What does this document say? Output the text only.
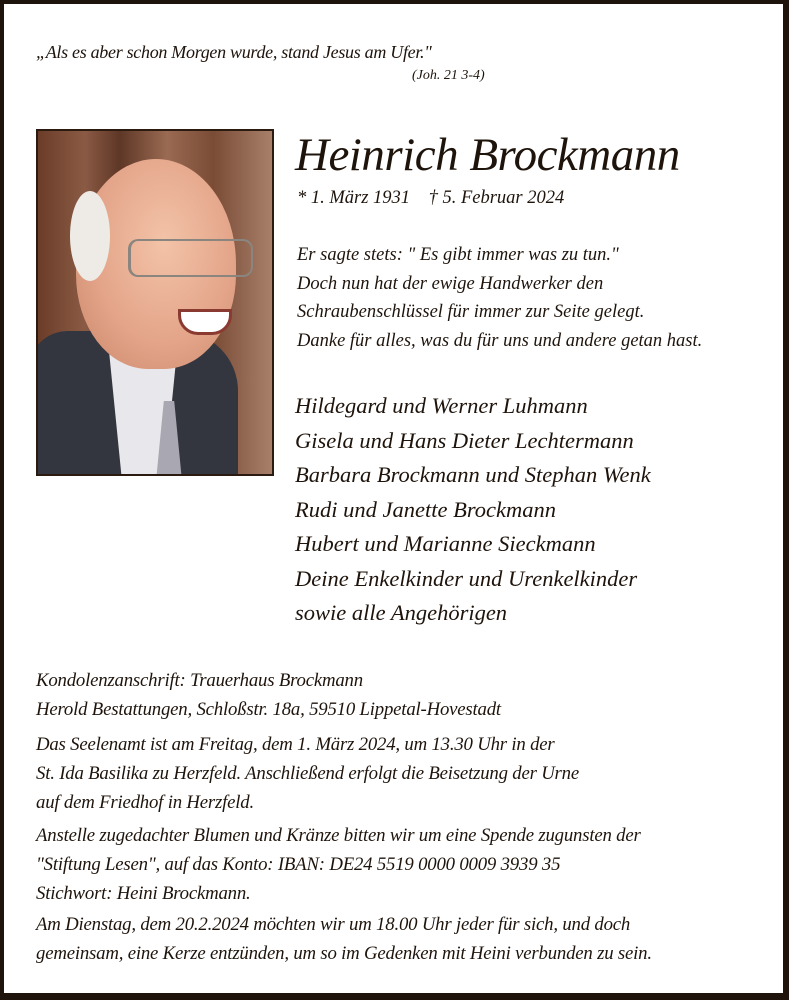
„Als es aber schon Morgen wurde, stand Jesus am Ufer."
(Joh. 21 3-4)
Heinrich Brockmann
* 1. März 1931 † 5. Februar 2024
Er sagte stets: " Es gibt immer was zu tun."
Doch nun hat der ewige Handwerker den
Schraubenschlüssel für immer zur Seite gelegt.
Danke für alles, was du für uns und andere getan hast.
Hildegard und Werner Luhmann
Gisela und Hans Dieter Lechtermann
Barbara Brockmann und Stephan Wenk
Rudi und Janette Brockmann
Hubert und Marianne Sieckmann
Deine Enkelkinder und Urenkelkinder
sowie alle Angehörigen
Kondolenzanschrift: Trauerhaus Brockmann
Herold Bestattungen, Schloßstr. 18a, 59510 Lippetal-Hovestadt
Das Seelenamt ist am Freitag, dem 1. März 2024, um 13.30 Uhr in der
St. Ida Basilika zu Herzfeld. Anschließend erfolgt die Beisetzung der Urne
auf dem Friedhof in Herzfeld.
Anstelle zugedachter Blumen und Kränze bitten wir um eine Spende zugunsten der
"Stiftung Lesen", auf das Konto: IBAN: DE24 5519 0000 0009 3939 35
Stichwort: Heini Brockmann.
Am Dienstag, dem 20.2.2024 möchten wir um 18.00 Uhr jeder für sich, und doch
gemeinsam, eine Kerze entzünden, um so im Gedenken mit Heini verbunden zu sein.
